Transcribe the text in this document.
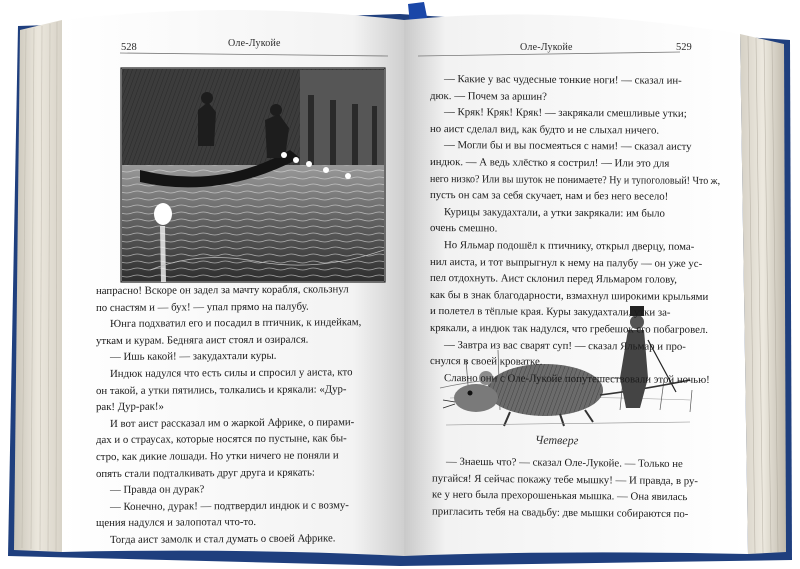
528	Оле-Лукойе	Оле-Лукойе	529
напрасно! Вскоре он задел за мачту корабля, скользнул
по снастям и — бух! — упал прямо на палубу.
Юнга подхватил его и посадил в птичник, к индейкам,
уткам и курам. Бедняга аист стоял и озирался.
— Ишь какой! — закудахтали куры.
Индюк надулся что есть силы и спросил у аиста, кто
он такой, а утки пятились, толкались и крякали: «Дур-
рак! Дур-рак!»
И вот аист рассказал им о жаркой Африке, о пирами-
дах и о страусах, которые носятся по пустыне, как бы-
стро, как дикие лошади. Но утки ничего не поняли и
опять стали подталкивать друг друга и крякать:
— Правда он дурак?
— Конечно, дурак! — подтвердил индюк и с возму-
щения надулся и залопотал что-то.
Тогда аист замолк и стал думать о своей Африке.
— Какие у вас чудесные тонкие ноги! — сказал ин-
дюк. — Почем за аршин?
— Кряк! Кряк! Кряк! — закрякали смешливые утки;
но аист сделал вид, как будто и не слыхал ничего.
— Могли бы и вы посмеяться с нами! — сказал аисту
индюк. — А ведь хлёстко я сострил! — Или это для
него низко? Или вы шуток не понимаете? Ну и тупоголовый! Что ж,
пусть он сам за себя скучает, нам и без него весело!
Курицы закудахтали, а утки закрякали: им было
очень смешно.
Но Яльмар подошёл к птичнику, открыл дверцу, пома-
нил аиста, и тот выпрыгнул к нему на палубу — он уже ус-
пел отдохнуть. Аист склонил перед Яльмаром голову,
как бы в знак благодарности, взмахнул широкими крыльями
и полетел в тёплые края. Куры закудахтали, утки за-
крякали, а индюк так надулся, что гребешок его побагровел.
— Завтра из вас сварят суп! — сказал Яльмар и про-
снулся в своей кроватке.
Славно они с Оле-Лукойе попутешествовали этой ночью!
Четверг
— Знаешь что? — сказал Оле-Лукойе. — Только не
пугайся! Я сейчас покажу тебе мышку! — И правда, в ру-
ке у него была прехорошенькая мышка. — Она явилась
пригласить тебя на свадьбу: две мышки собираются по-
